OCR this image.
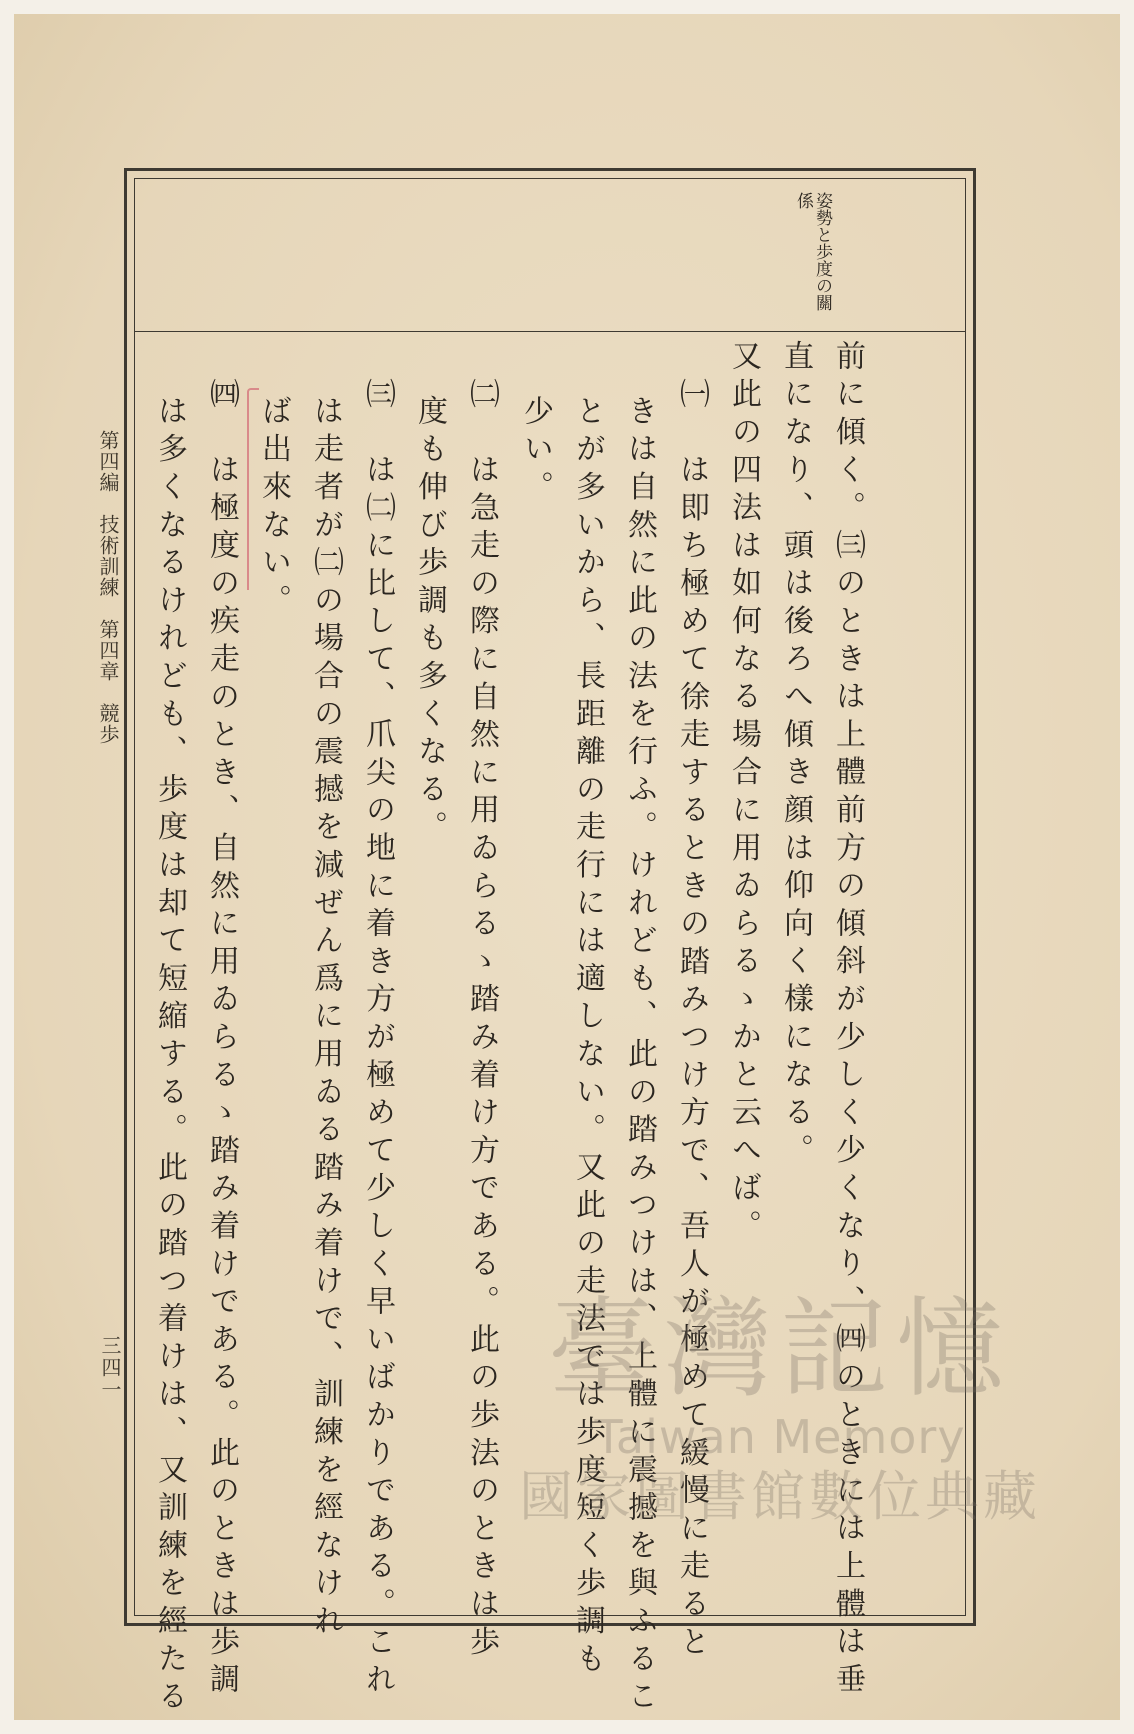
姿勢と歩度の關係
前に傾く。㈢のときは上體前方の傾斜が少しく少くなり、㈣のときには上體は垂
直になり、頭は後ろへ傾き顔は仰向く樣になる。
又此の四法は如何なる場合に用ゐらるゝかと云へば。
㈠　は即ち極めて徐走するときの踏みつけ方で、吾人が極めて緩慢に走ると
きは自然に此の法を行ふ。けれども、此の踏みつけは、上體に震撼を與ふるこ
とが多いから、長距離の走行には適しない。又此の走法では歩度短く歩調も
少い。
㈡　は急走の際に自然に用ゐらるゝ踏み着け方である。此の歩法のときは歩
度も伸び歩調も多くなる。
㈢　は㈡に比して、爪尖の地に着き方が極めて少しく早いばかりである。これ
は走者が㈡の場合の震撼を減ぜん爲に用ゐる踏み着けで、訓練を經なけれ
ば出來ない。
㈣　は極度の疾走のとき、自然に用ゐらるゝ踏み着けである。此のときは歩調
は多くなるけれども、歩度は却て短縮する。此の踏つ着けは、又訓練を經たる
第四編　技術訓練　第四章　競歩
三四一	臺灣記憶
Taiwan Memory
國家圖書館數位典藏
